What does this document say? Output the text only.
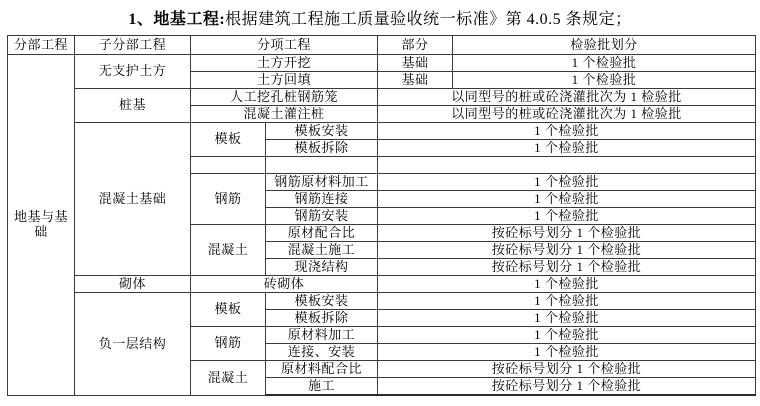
1、地基工程:根据建筑工程施工质量验收统一标准》第 4.0.5 条规定；
分部工程	子分部工程	分项工程		部分	检验批划分
地基与基础	无支护土方	土方开挖		基础	1 个检验批
		土方回填		基础	1 个检验批
	桩基	人工挖孔桩钢筋笼		以同型号的桩或砼浇灌批次为 1 检验批	
		混凝土灌注桩		以同型号的桩或砼浇灌批次为 1 检验批	
	混凝土基础	模板	模板安装	1 个检验批	
			模板拆除	1 个检验批	

		钢筋	钢筋原材料加工	1 个检验批	
			钢筋连接	1 个检验批	
			钢筋安装	1 个检验批	
		混凝土	原材配合比	按砼标号划分 1 个检验批	
			混凝土施工	按砼标号划分 1 个检验批	
			现浇结构	按砼标号划分 1 个检验批	
	砌体	砖砌体		1 个检验批	
	负一层结构	模板	模板安装	1 个检验批	
			模板拆除	1 个检验批	
		钢筋	原材料加工	1 个检验批	
			连接、安装	1 个检验批	
		混凝土	原材料配合比	按砼标号划分 1 个检验批	
			施工	按砼标号划分 1 个检验批	
